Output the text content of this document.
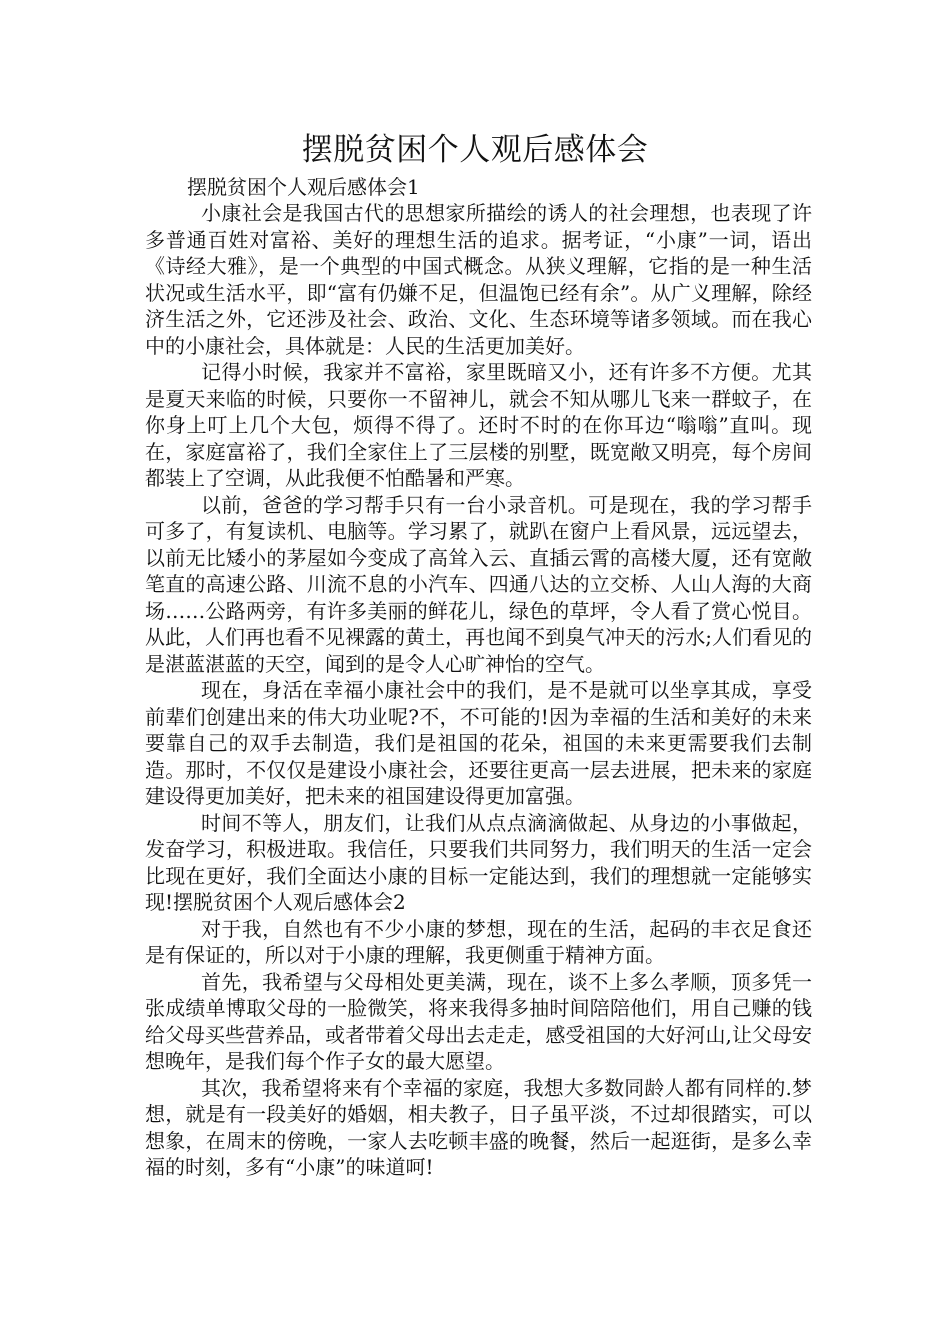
摆脱贫困个人观后感体会

摆脱贫困个人观后感体会1

小康社会是我国古代的思想家所描绘的诱人的社会理想，也表现了许多普通百姓对富裕、美好的理想生活的追求。据考证，“小康”一词，语出《诗经大雅》，是一个典型的中国式概念。从狭义理解，它指的是一种生活状况或生活水平，即“富有仍嫌不足，但温饱已经有余”。从广义理解，除经济生活之外，它还涉及社会、政治、文化、生态环境等诸多领域。而在我心中的小康社会，具体就是：人民的生活更加美好。

记得小时候，我家并不富裕，家里既暗又小，还有许多不方便。尤其是夏天来临的时候，只要你一不留神儿，就会不知从哪儿飞来一群蚊子，在你身上叮上几个大包，烦得不得了。还时不时的在你耳边“嗡嗡”直叫。现在，家庭富裕了，我们全家住上了三层楼的别墅，既宽敞又明亮，每个房间都装上了空调，从此我便不怕酷暑和严寒。

以前，爸爸的学习帮手只有一台小录音机。可是现在，我的学习帮手可多了，有复读机、电脑等。学习累了，就趴在窗户上看风景，远远望去，以前无比矮小的茅屋如今变成了高耸入云、直插云霄的高楼大厦，还有宽敞笔直的高速公路、川流不息的小汽车、四通八达的立交桥、人山人海的大商场……公路两旁，有许多美丽的鲜花儿，绿色的草坪，令人看了赏心悦目。从此，人们再也看不见裸露的黄土，再也闻不到臭气冲天的污水;人们看见的是湛蓝湛蓝的天空，闻到的是令人心旷神怡的空气。

现在，身活在幸福小康社会中的我们，是不是就可以坐享其成，享受前辈们创建出来的伟大功业呢?不，不可能的!因为幸福的生活和美好的未来要靠自己的双手去制造，我们是祖国的花朵，祖国的未来更需要我们去制造。那时，不仅仅是建设小康社会，还要往更高一层去进展，把未来的家庭建设得更加美好，把未来的祖国建设得更加富强。

时间不等人，朋友们，让我们从点点滴滴做起、从身边的小事做起，发奋学习，积极进取。我信任，只要我们共同努力，我们明天的生活一定会比现在更好，我们全面达小康的目标一定能达到，我们的理想就一定能够实现!摆脱贫困个人观后感体会2

对于我，自然也有不少小康的梦想，现在的生活，起码的丰衣足食还是有保证的，所以对于小康的理解，我更侧重于精神方面。

首先，我希望与父母相处更美满，现在，谈不上多么孝顺，顶多凭一张成绩单博取父母的一脸微笑，将来我得多抽时间陪陪他们，用自己赚的钱给父母买些营养品，或者带着父母出去走走，感受祖国的大好河山,让父母安想晚年，是我们每个作子女的最大愿望。

其次，我希望将来有个幸福的家庭，我想大多数同龄人都有同样的.梦想，就是有一段美好的婚姻，相夫教子，日子虽平淡，不过却很踏实，可以想象，在周末的傍晚，一家人去吃顿丰盛的晚餐，然后一起逛街，是多么幸福的时刻，多有“小康”的味道呵!
